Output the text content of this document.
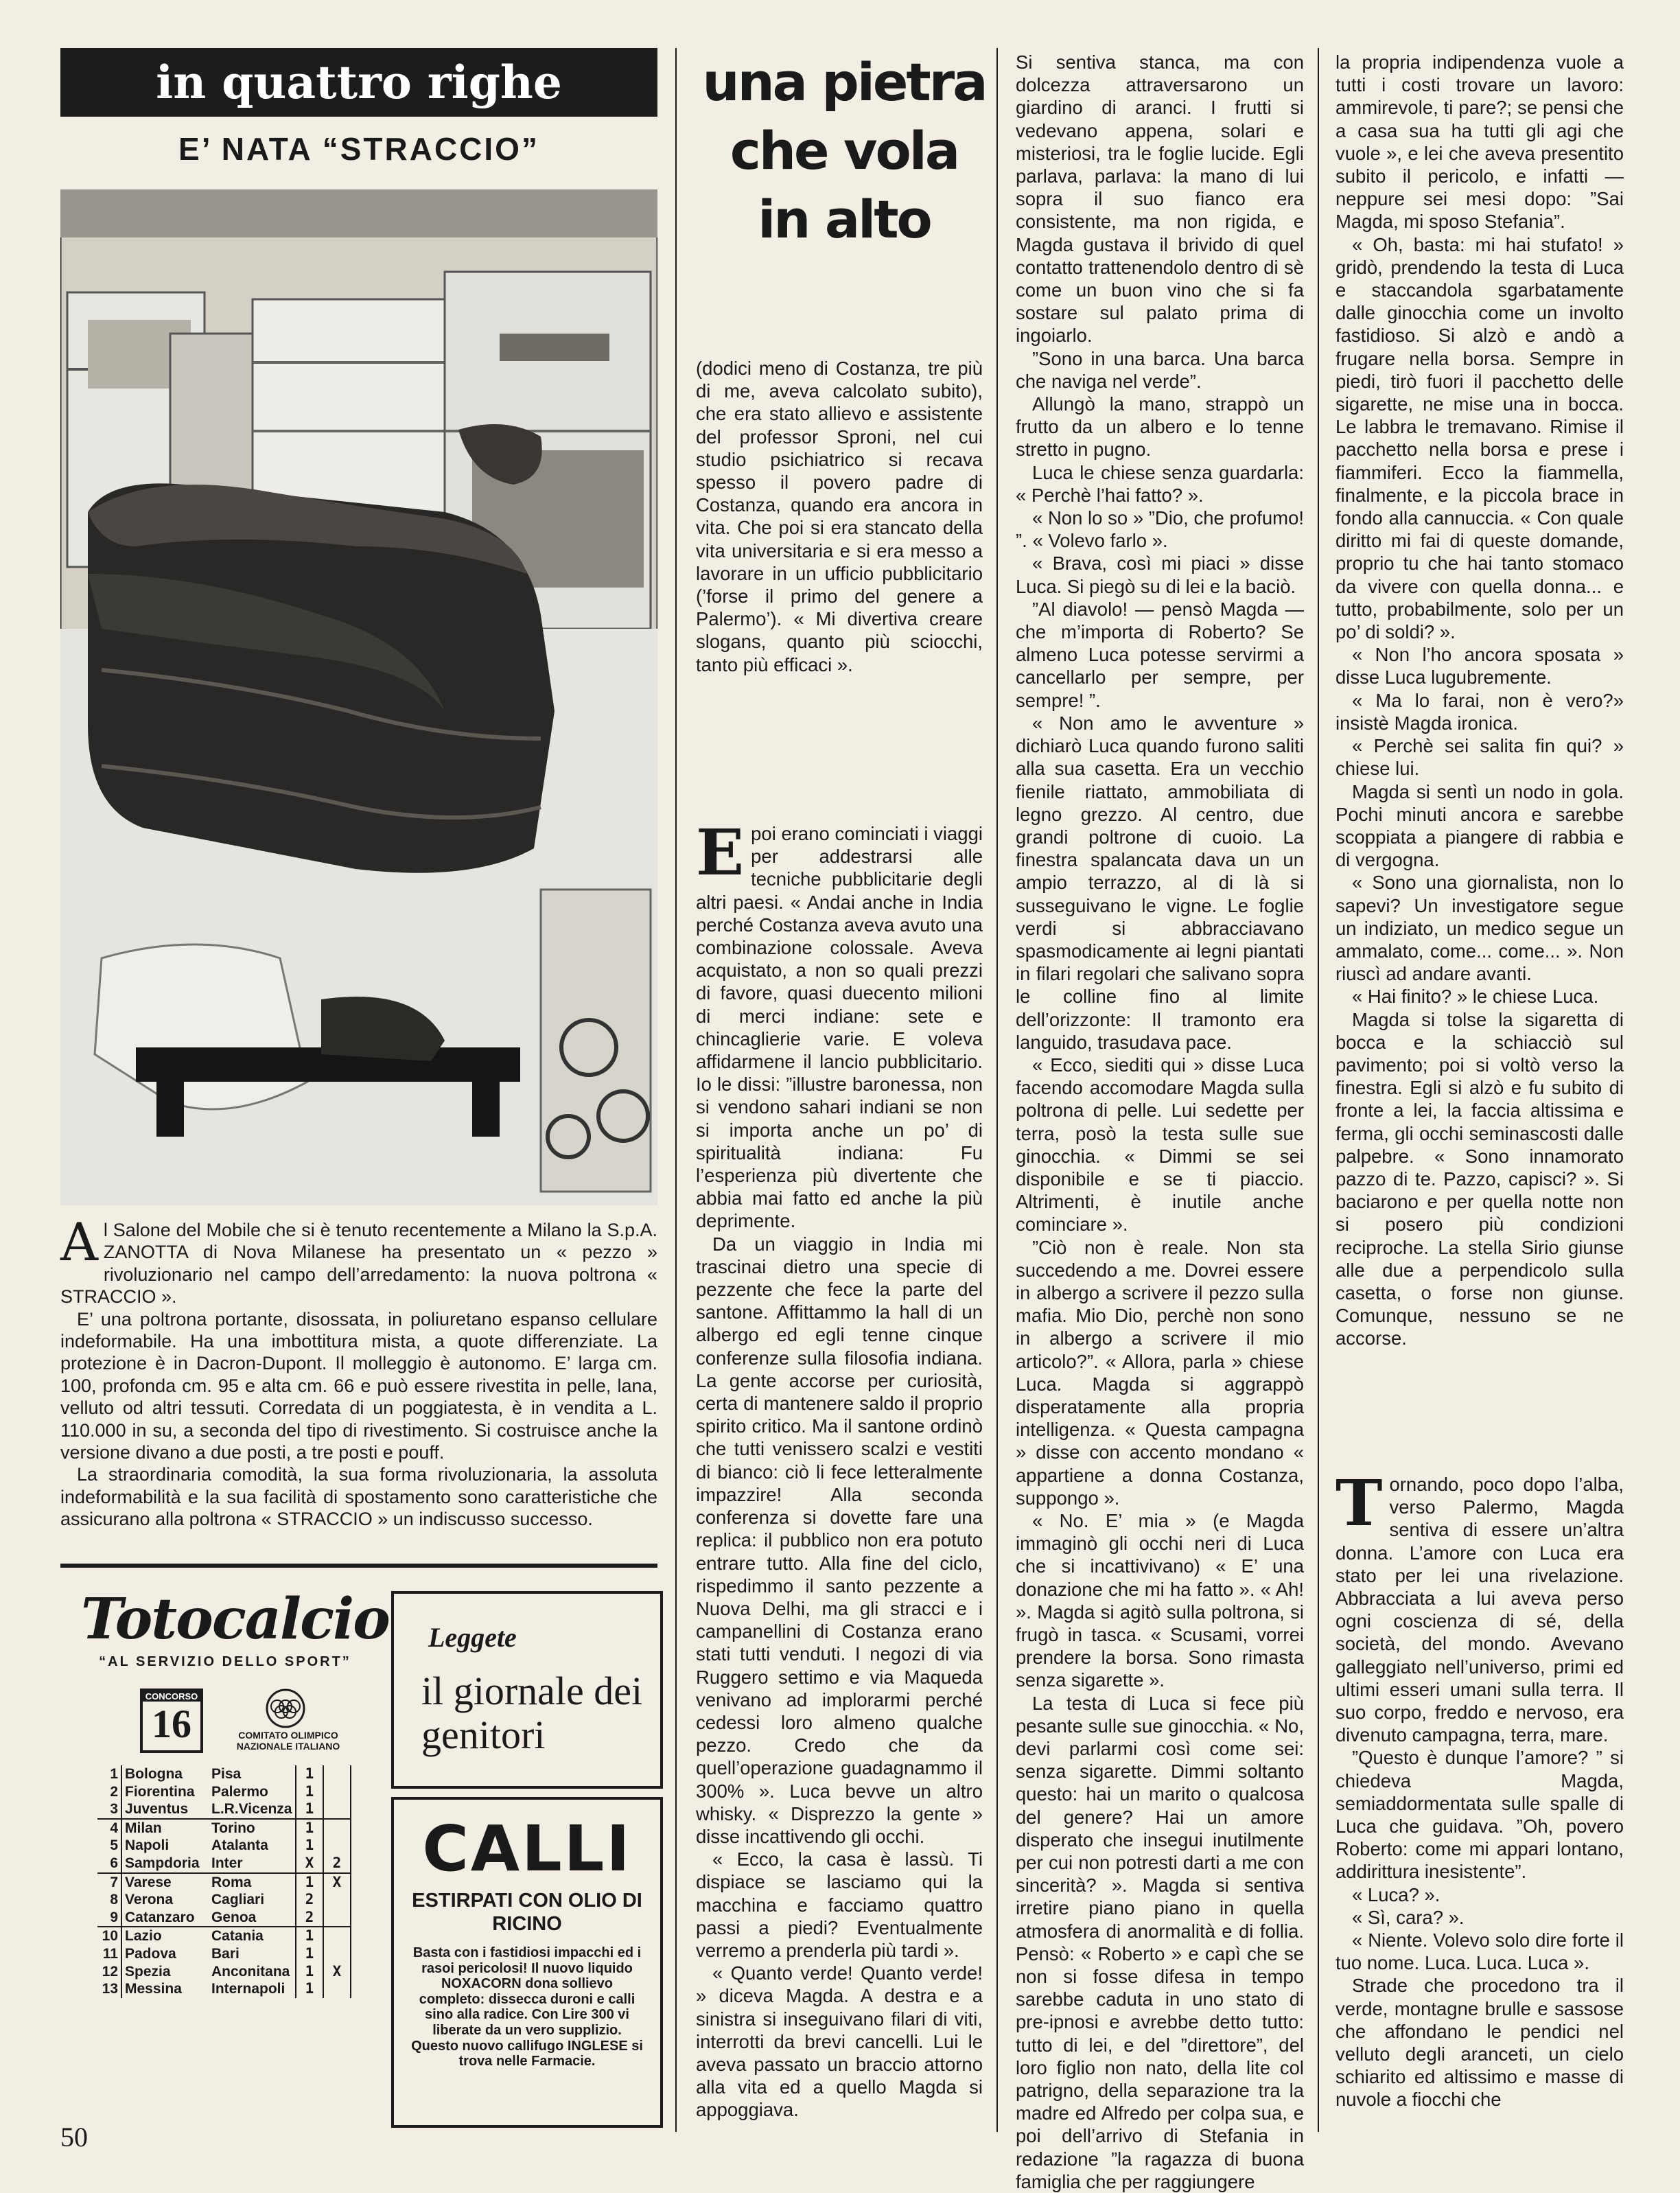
in quattro righe
E’ NATA “STRACCIO”

Al Salone del Mobile che si è tenuto recentemente a Milano la S.p.A. ZANOTTA di Nova Milanese ha presentato un « pezzo » rivoluzionario nel campo dell’arredamento: la nuova poltrona « STRACCIO ».

E’ una poltrona portante, disossata, in poliuretano espanso cellulare indeformabile. Ha una imbottitura mista, a quote differenziate. La protezione è in Dacron-Dupont. Il molleggio è autonomo. E’ larga cm. 100, profonda cm. 95 e alta cm. 66 e può essere rivestita in pelle, lana, velluto od altri tessuti. Corredata di un poggiatesta, è in vendita a L. 110.000 in su, a seconda del tipo di rivestimento. Si costruisce anche la versione divano a due posti, a tre posti e pouff.

La straordinaria comodità, la sua forma rivoluzionaria, la assoluta indeformabilità e la sua facilità di spostamento sono caratteristiche che assicurano alla poltrona « STRACCIO » un indiscusso successo.

Totocalcio
“AL SERVIZIO DELLO SPORT”
CONCORSO
16	COMITATO OLIMPICO
NAZIONALE ITALIANO
1	Bologna	Pisa	1	
2	Fiorentina	Palermo	1	
3	Juventus	L.R.Vicenza	1	
4	Milan	Torino	1	
5	Napoli	Atalanta	1	
6	Sampdoria	Inter	X	2
7	Varese	Roma	1	X
8	Verona	Cagliari	2	
9	Catanzaro	Genoa	2	
10	Lazio	Catania	1	
11	Padova	Bari	1	
12	Spezia	Anconitana	1	X
13	Messina	Internapoli	1	
Leggete
il giornale dei genitori
CALLI
ESTIRPATI CON OLIO DI RICINO
Basta con i fastidiosi impacchi ed i rasoi pericolosi! Il nuovo liquido NOXACORN dona sollievo completo: dissecca duroni e calli sino alla radice. Con Lire 300 vi liberate da un vero supplizio. Questo nuovo callifugo INGLESE si trova nelle Farmacie.
50
una pietra
che vola
in alto

(dodici meno di Costanza, tre più di me, aveva calcolato subito), che era stato allievo e assistente del professor Sproni, nel cui studio psichiatrico si recava spesso il povero padre di Costanza, quando era ancora in vita. Che poi si era stancato della vita universitaria e si era messo a lavorare in un ufficio pubblicitario (’forse il primo del genere a Palermo’). « Mi divertiva creare slogans, quanto più sciocchi, tanto più efficaci ».

Epoi erano cominciati i viaggi per addestrarsi alle tecniche pubblicitarie degli altri paesi. « Andai anche in India perché Costanza aveva avuto una combinazione colossale. Aveva acquistato, a non so quali prezzi di favore, quasi duecento milioni di merci indiane: sete e chincaglierie varie. E voleva affidarmene il lancio pubblicitario. Io le dissi: ”illustre baronessa, non si vendono sahari indiani se non si importa anche un po’ di spiritualità indiana: Fu l’esperienza più divertente che abbia mai fatto ed anche la più deprimente.

Da un viaggio in India mi trascinai dietro una specie di pezzente che fece la parte del santone. Affittammo la hall di un albergo ed egli tenne cinque conferenze sulla filosofia indiana. La gente accorse per curiosità, certa di mantenere saldo il proprio spirito critico. Ma il santone ordinò che tutti venissero scalzi e vestiti di bianco: ciò li fece letteralmente impazzire! Alla seconda conferenza si dovette fare una replica: il pubblico non era potuto entrare tutto. Alla fine del ciclo, rispedimmo il santo pezzente a Nuova Delhi, ma gli stracci e i campanellini di Costanza erano stati tutti venduti. I negozi di via Ruggero settimo e via Maqueda venivano ad implorarmi perché cedessi loro almeno qualche pezzo. Credo che da quell’operazione guadagnammo il 300% ». Luca bevve un altro whisky. « Disprezzo la gente » disse incattivendo gli occhi.

« Ecco, la casa è lassù. Ti dispiace se lasciamo qui la macchina e facciamo quattro passi a piedi? Eventualmente verremo a prenderla più tardi ».

« Quanto verde! Quanto verde! » diceva Magda. A destra e a sinistra si inseguivano filari di viti, interrotti da brevi cancelli. Lui le aveva passato un braccio attorno alla vita ed a quello Magda si appoggiava.

Si sentiva stanca, ma con dolcezza attraversarono un giardino di aranci. I frutti si vedevano appena, solari e misteriosi, tra le foglie lucide. Egli parlava, parlava: la mano di lui sopra il suo fianco era consistente, ma non rigida, e Magda gustava il brivido di quel contatto trattenendolo dentro di sè come un buon vino che si fa sostare sul palato prima di ingoiarlo.

”Sono in una barca. Una barca che naviga nel verde”.

Allungò la mano, strappò un frutto da un albero e lo tenne stretto in pugno.

Luca le chiese senza guardarla: « Perchè l’hai fatto? ».

« Non lo so » ”Dio, che profumo! ”. « Volevo farlo ».

« Brava, così mi piaci » disse Luca. Si piegò su di lei e la baciò.

”Al diavolo! — pensò Magda — che m’importa di Roberto? Se almeno Luca potesse servirmi a cancellarlo per sempre, per sempre! ”.

« Non amo le avventure » dichiarò Luca quando furono saliti alla sua casetta. Era un vecchio fienile riattato, ammobiliata di legno grezzo. Al centro, due grandi poltrone di cuoio. La finestra spalancata dava un un ampio terrazzo, al di là si susseguivano le vigne. Le foglie verdi si abbracciavano spasmodicamente ai legni piantati in filari regolari che salivano sopra le colline fino al limite dell’orizzonte: Il tramonto era languido, trasudava pace.

« Ecco, siediti qui » disse Luca facendo accomodare Magda sulla poltrona di pelle. Lui sedette per terra, posò la testa sulle sue ginocchia. « Dimmi se sei disponibile e se ti piaccio. Altrimenti, è inutile anche cominciare ».

”Ciò non è reale. Non sta succedendo a me. Dovrei essere in albergo a scrivere il pezzo sulla mafia. Mio Dio, perchè non sono in albergo a scrivere il mio articolo?”. « Allora, parla » chiese Luca. Magda si aggrappò disperatamente alla propria intelligenza. « Questa campagna » disse con accento mondano « appartiene a donna Costanza, suppongo ».

« No. E’ mia » (e Magda immaginò gli occhi neri di Luca che si incattivivano) « E’ una donazione che mi ha fatto ». « Ah! ». Magda si agitò sulla poltrona, si frugò in tasca. « Scusami, vorrei prendere la borsa. Sono rimasta senza sigarette ».

La testa di Luca si fece più pesante sulle sue ginocchia. « No, devi parlarmi così come sei: senza sigarette. Dimmi soltanto questo: hai un marito o qualcosa del genere? Hai un amore disperato che insegui inutilmente per cui non potresti darti a me con sincerità? ». Magda si sentiva irretire piano piano in quella atmosfera di anormalità e di follia. Pensò: « Roberto » e capì che se non si fosse difesa in tempo sarebbe caduta in uno stato di pre-ipnosi e avrebbe detto tutto: tutto di lei, e del ”direttore”, del loro figlio non nato, della lite col patrigno, della separazione tra la madre ed Alfredo per colpa sua, e poi dell’arrivo di Stefania in redazione ”la ragazza di buona famiglia che per raggiungere

la propria indipendenza vuole a tutti i costi trovare un lavoro: ammirevole, ti pare?; se pensi che a casa sua ha tutti gli agi che vuole », e lei che aveva presentito subito il pericolo, e infatti — neppure sei mesi dopo: ”Sai Magda, mi sposo Stefania”.

« Oh, basta: mi hai stufato! » gridò, prendendo la testa di Luca e staccandola sgarbatamente dalle ginocchia come un involto fastidioso. Si alzò e andò a frugare nella borsa. Sempre in piedi, tirò fuori il pacchetto delle sigarette, ne mise una in bocca. Le labbra le tremavano. Rimise il pacchetto nella borsa e prese i fiammiferi. Ecco la fiammella, finalmente, e la piccola brace in fondo alla cannuccia. « Con quale diritto mi fai di queste domande, proprio tu che hai tanto stomaco da vivere con quella donna... e tutto, probabilmente, solo per un po’ di soldi? ».

« Non l’ho ancora sposata » disse Luca lugubremente.

« Ma lo farai, non è vero?» insistè Magda ironica.

« Perchè sei salita fin qui? » chiese lui.

Magda si sentì un nodo in gola. Pochi minuti ancora e sarebbe scoppiata a piangere di rabbia e di vergogna.

« Sono una giornalista, non lo sapevi? Un investigatore segue un indiziato, un medico segue un ammalato, come... come... ». Non riuscì ad andare avanti.

« Hai finito? » le chiese Luca.

Magda si tolse la sigaretta di bocca e la schiacciò sul pavimento; poi si voltò verso la finestra. Egli si alzò e fu subito di fronte a lei, la faccia altissima e ferma, gli occhi seminascosti dalle palpebre. « Sono innamorato pazzo di te. Pazzo, capisci? ». Si baciarono e per quella notte non si posero più condizioni reciproche. La stella Sirio giunse alle due a perpendicolo sulla casetta, o forse non giunse. Comunque, nessuno se ne accorse.

Tornando, poco dopo l’alba, verso Palermo, Magda sentiva di essere un’altra donna. L’amore con Luca era stato per lei una rivelazione. Abbracciata a lui aveva perso ogni coscienza di sé, della società, del mondo. Avevano galleggiato nell’universo, primi ed ultimi esseri umani sulla terra. Il suo corpo, freddo e nervoso, era divenuto campagna, terra, mare.

”Questo è dunque l’amore? ” si chiedeva Magda, semiaddormentata sulle spalle di Luca che guidava. ”Oh, povero Roberto: come mi appari lontano, addirittura inesistente”.

« Luca? ».

« Sì, cara? ».

« Niente. Volevo solo dire forte il tuo nome. Luca. Luca. Luca ».

Strade che procedono tra il verde, montagne brulle e sassose che affondano le pendici nel velluto degli aranceti, un cielo schiarito ed altissimo e masse di nuvole a fiocchi che
